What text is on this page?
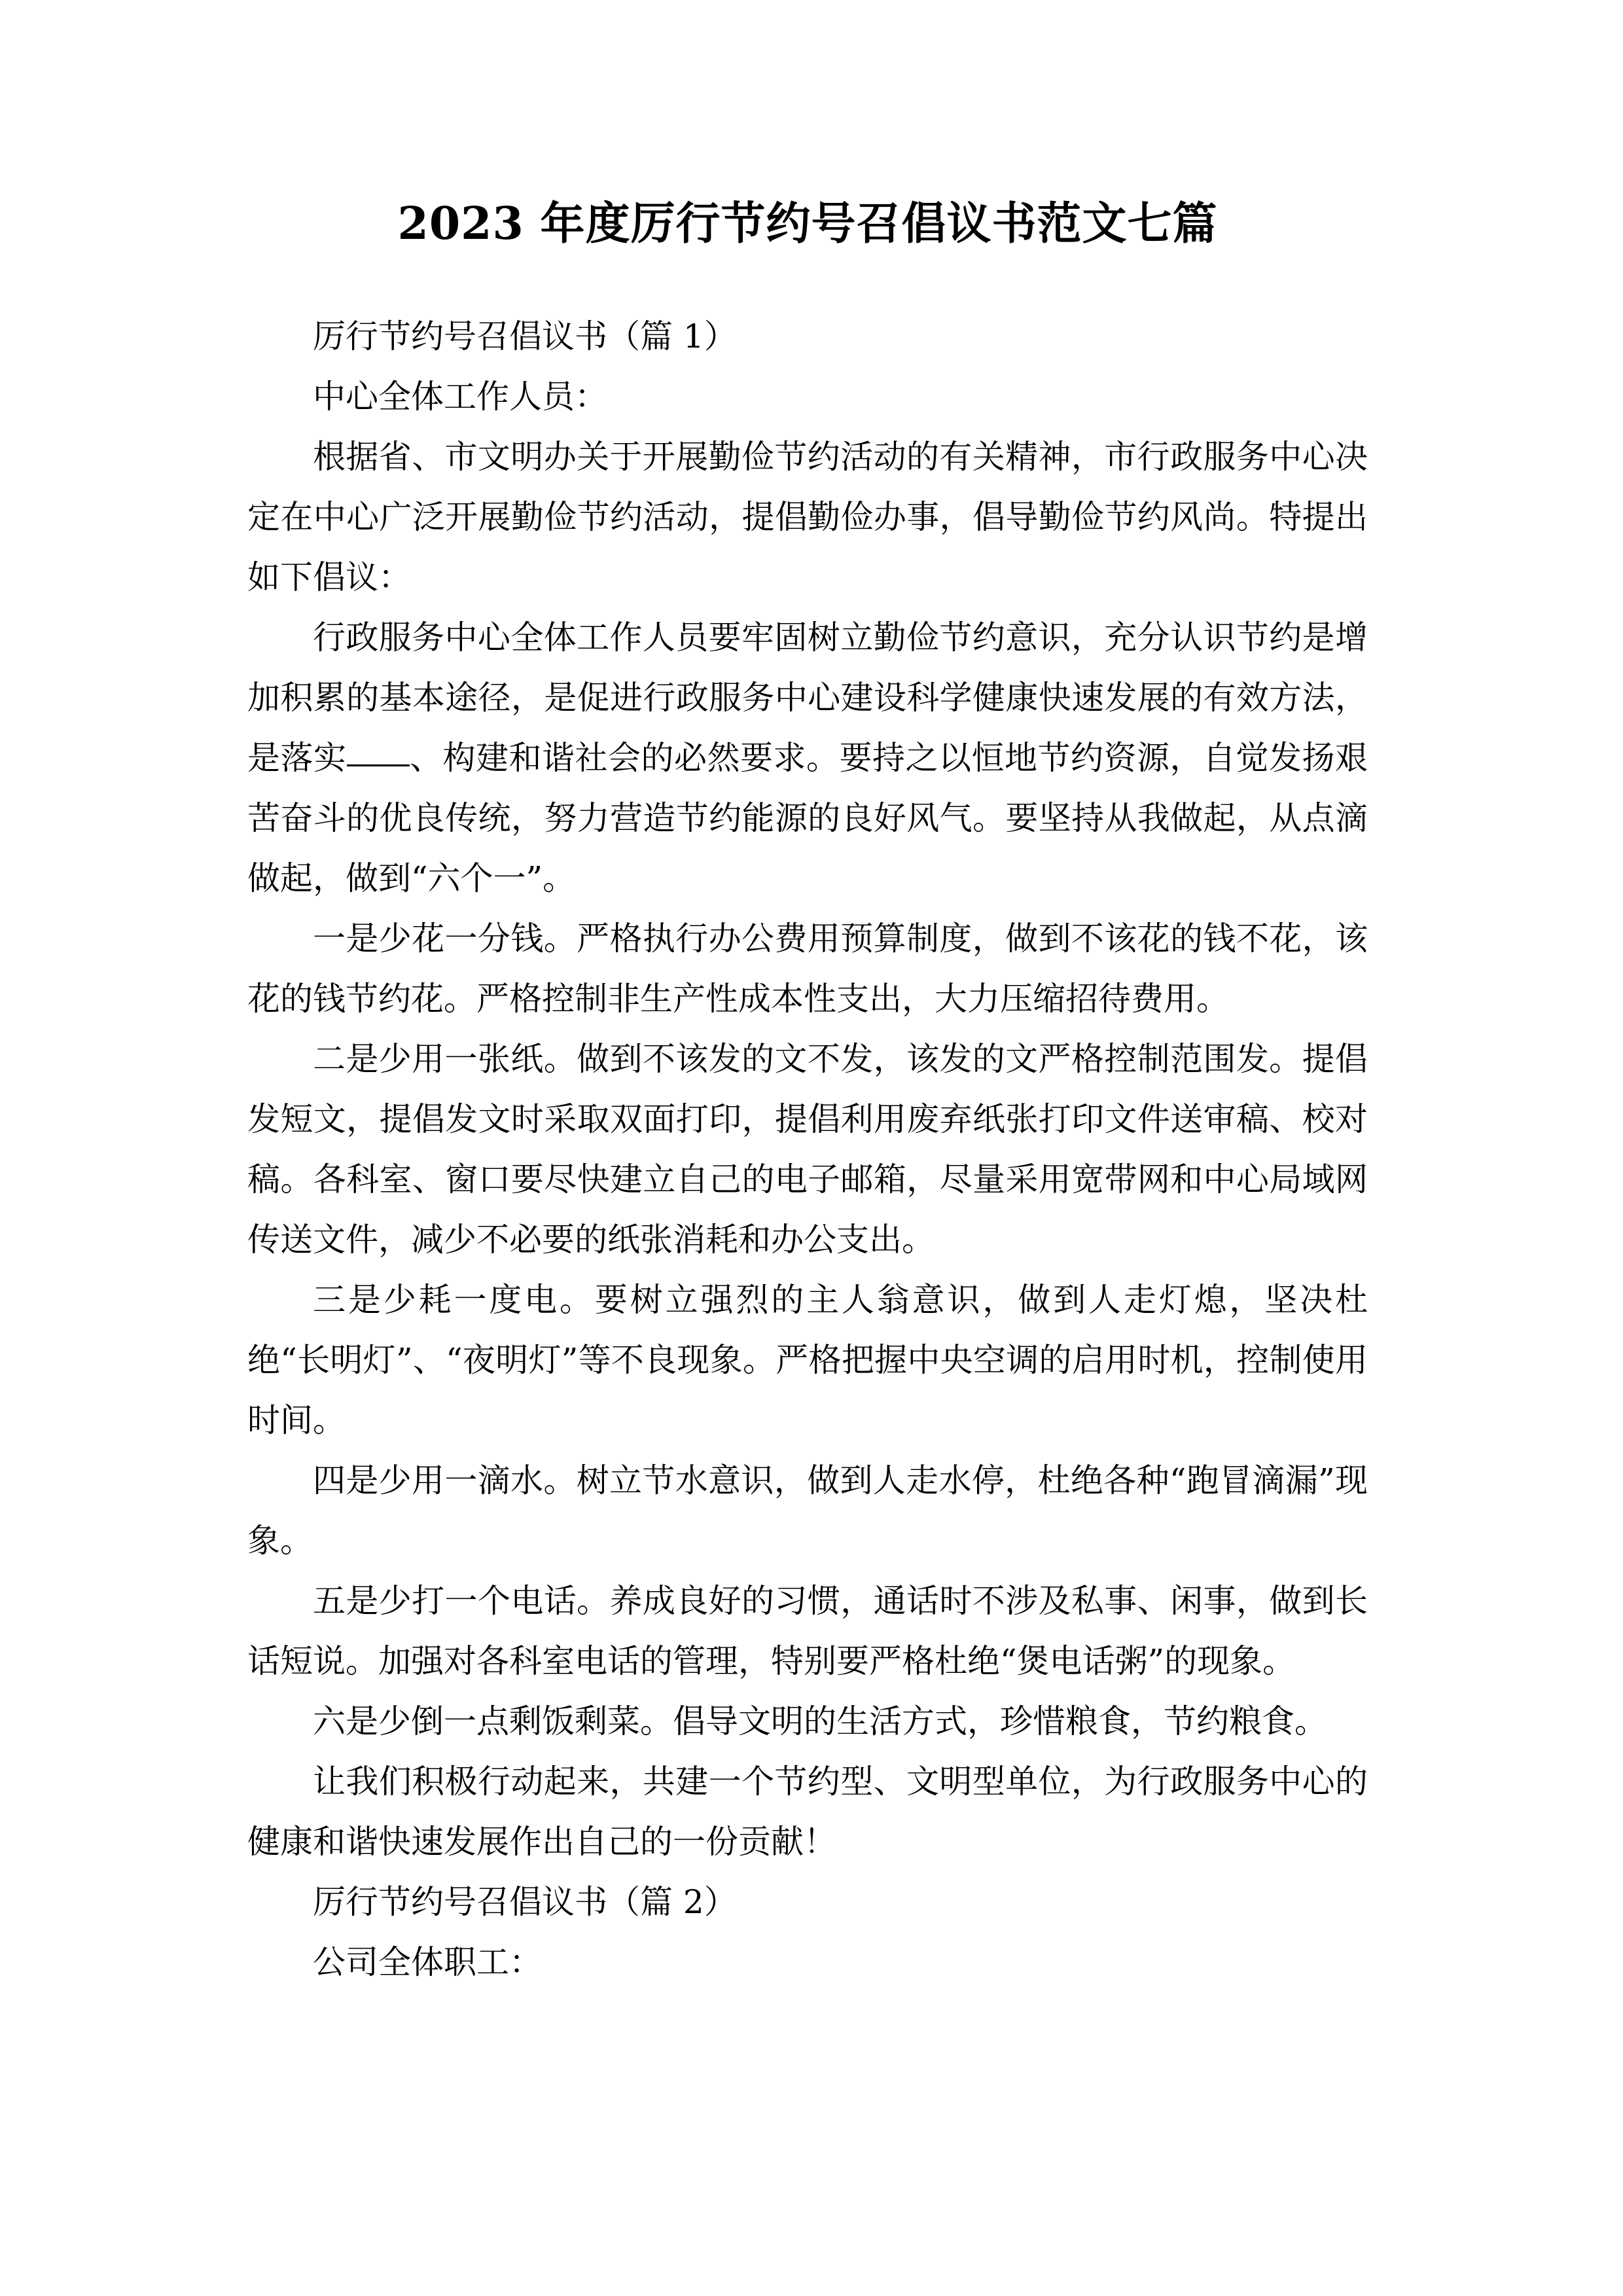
2023 年度厉行节约号召倡议书范文七篇

厉行节约号召倡议书（篇 1）

中心全体工作人员：

根据省、市文明办关于开展勤俭节约活动的有关精神，市行政服务中心决定在中心广泛开展勤俭节约活动，提倡勤俭办事，倡导勤俭节约风尚。特提出如下倡议：

行政服务中心全体工作人员要牢固树立勤俭节约意识，充分认识节约是增加积累的基本途径，是促进行政服务中心建设科学健康快速发展的有效方法，是落实 、构建和谐社会的必然要求。要持之以恒地节约资源，自觉发扬艰苦奋斗的优良传统，努力营造节约能源的良好风气。要坚持从我做起，从点滴做起，做到“六个一”。

一是少花一分钱。严格执行办公费用预算制度，做到不该花的钱不花，该花的钱节约花。严格控制非生产性成本性支出，大力压缩招待费用。

二是少用一张纸。做到不该发的文不发，该发的文严格控制范围发。提倡发短文，提倡发文时采取双面打印，提倡利用废弃纸张打印文件送审稿、校对稿。各科室、窗口要尽快建立自己的电子邮箱，尽量采用宽带网和中心局域网传送文件，减少不必要的纸张消耗和办公支出。

三是少耗一度电。要树立强烈的主人翁意识，做到人走灯熄，坚决杜绝“长明灯”、“夜明灯”等不良现象。严格把握中央空调的启用时机，控制使用时间。

四是少用一滴水。树立节水意识，做到人走水停，杜绝各种“跑冒滴漏”现象。

五是少打一个电话。养成良好的习惯，通话时不涉及私事、闲事，做到长话短说。加强对各科室电话的管理，特别要严格杜绝“煲电话粥”的现象。

六是少倒一点剩饭剩菜。倡导文明的生活方式，珍惜粮食，节约粮食。

让我们积极行动起来，共建一个节约型、文明型单位，为行政服务中心的健康和谐快速发展作出自己的一份贡献！

厉行节约号召倡议书（篇 2）

公司全体职工：
